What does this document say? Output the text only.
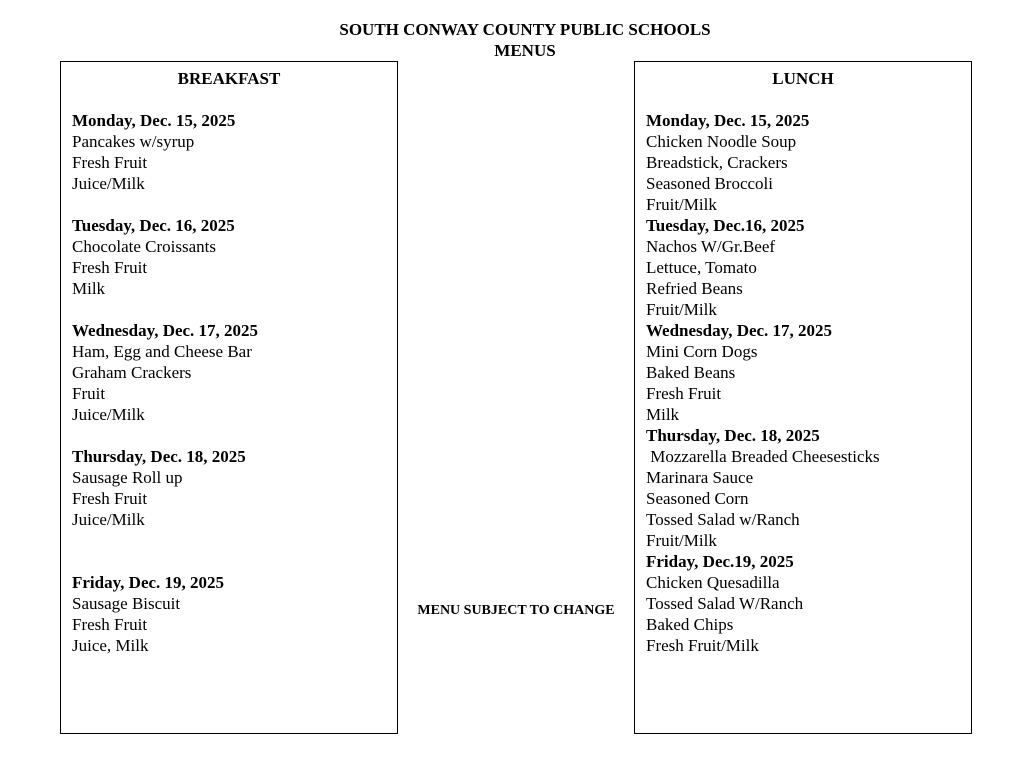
SOUTH CONWAY COUNTY PUBLIC SCHOOLS
MENUS
BREAKFAST
Monday, Dec. 15, 2025
Pancakes w/syrup
Fresh Fruit
Juice/Milk
Tuesday, Dec. 16, 2025
Chocolate Croissants
Fresh Fruit
Milk
Wednesday, Dec. 17, 2025
Ham, Egg and Cheese Bar
Graham Crackers
Fruit
Juice/Milk
Thursday, Dec. 18, 2025
Sausage Roll up
Fresh Fruit
Juice/Milk
Friday, Dec. 19, 2025
Sausage Biscuit
Fresh Fruit
Juice, Milk
MENU SUBJECT TO CHANGE
LUNCH
Monday, Dec. 15, 2025
Chicken Noodle Soup
Breadstick, Crackers
Seasoned Broccoli
Fruit/Milk
Tuesday, Dec.16, 2025
Nachos W/Gr.Beef
Lettuce, Tomato
Refried Beans
Fruit/Milk
Wednesday, Dec. 17, 2025
Mini Corn Dogs
Baked Beans
Fresh Fruit
Milk
Thursday, Dec. 18, 2025
Mozzarella Breaded Cheesesticks
Marinara Sauce
Seasoned Corn
Tossed Salad w/Ranch
Fruit/Milk
Friday, Dec.19, 2025
Chicken Quesadilla
Tossed Salad W/Ranch
Baked Chips
Fresh Fruit/Milk
